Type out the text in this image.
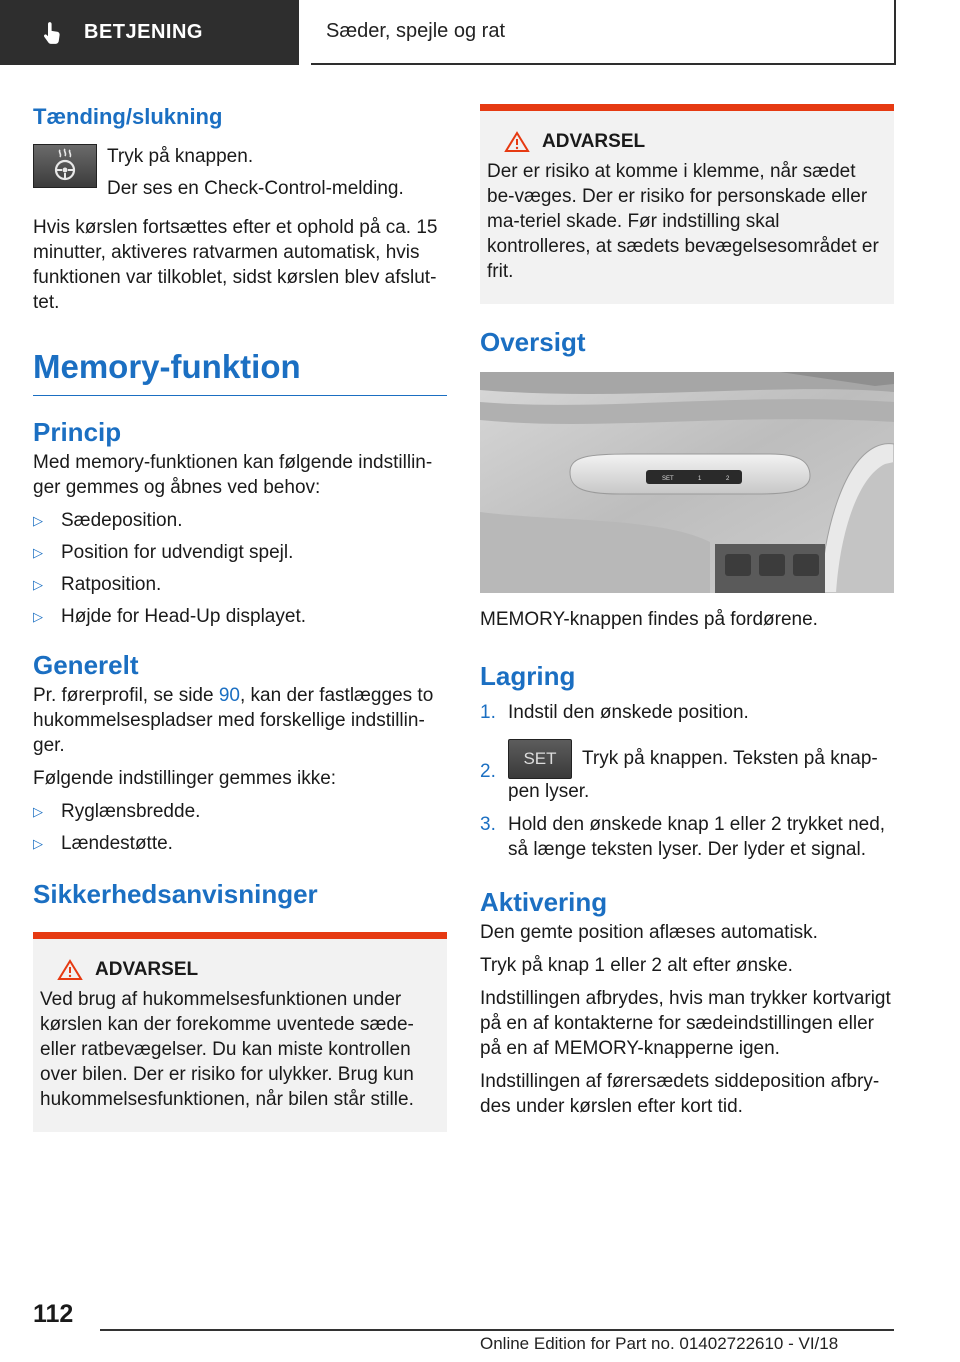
BETJENING	Sæder, spejle og rat
Tænding/slukning

Tryk på knappen.

Der ses en Check-Control-melding.

Hvis kørslen fortsættes efter et ophold på ca. 15 minutter, aktiveres ratvarmen automatisk, hvis funktionen var tilkoblet, sidst kørslen blev afslut-tet.

Memory-funktion
Princip

Med memory-funktionen kan følgende indstillin-ger gemmes og åbnes ved behov:

▷ Sædeposition.
▷ Position for udvendigt spejl.
▷ Ratposition.
▷ Højde for Head-Up displayet.
Generelt

Pr. førerprofil, se side 90, kan der fastlægges to hukommelsespladser med forskellige indstillin-ger.

Følgende indstillinger gemmes ikke:

▷ Ryglænsbredde.
▷ Lændestøtte.
Sikkerhedsanvisninger
ADVARSEL

Ved brug af hukommelsesfunktionen under kørslen kan der forekomme uventede sæde- eller ratbevægelser. Du kan miste kontrollen over bilen. Der er risiko for ulykker. Brug kun hukommelsesfunktionen, når bilen står stille.

ADVARSEL

Der er risiko at komme i klemme, når sædet be-væges. Der er risiko for personskade eller ma-teriel skade. Før indstilling skal kontrolleres, at sædets bevægelsesområdet er frit.

Oversigt
SET	1	2

MEMORY-knappen findes på fordørene.

Lagring
1. Indstil den ønskede position.
2.
SET Tryk på knappen. Teksten på knap-pen lyser.
3. Hold den ønskede knap 1 eller 2 trykket ned, så længe teksten lyser. Der lyder et signal.
Aktivering

Den gemte position aflæses automatisk.

Tryk på knap 1 eller 2 alt efter ønske.

Indstillingen afbrydes, hvis man trykker kortvarigt på en af kontakterne for sædeindstillingen eller på en af MEMORY-knapperne igen.

Indstillingen af førersædets siddeposition afbry-des under kørslen efter kort tid.

112
Online Edition for Part no. 01402722610 - VI/18
